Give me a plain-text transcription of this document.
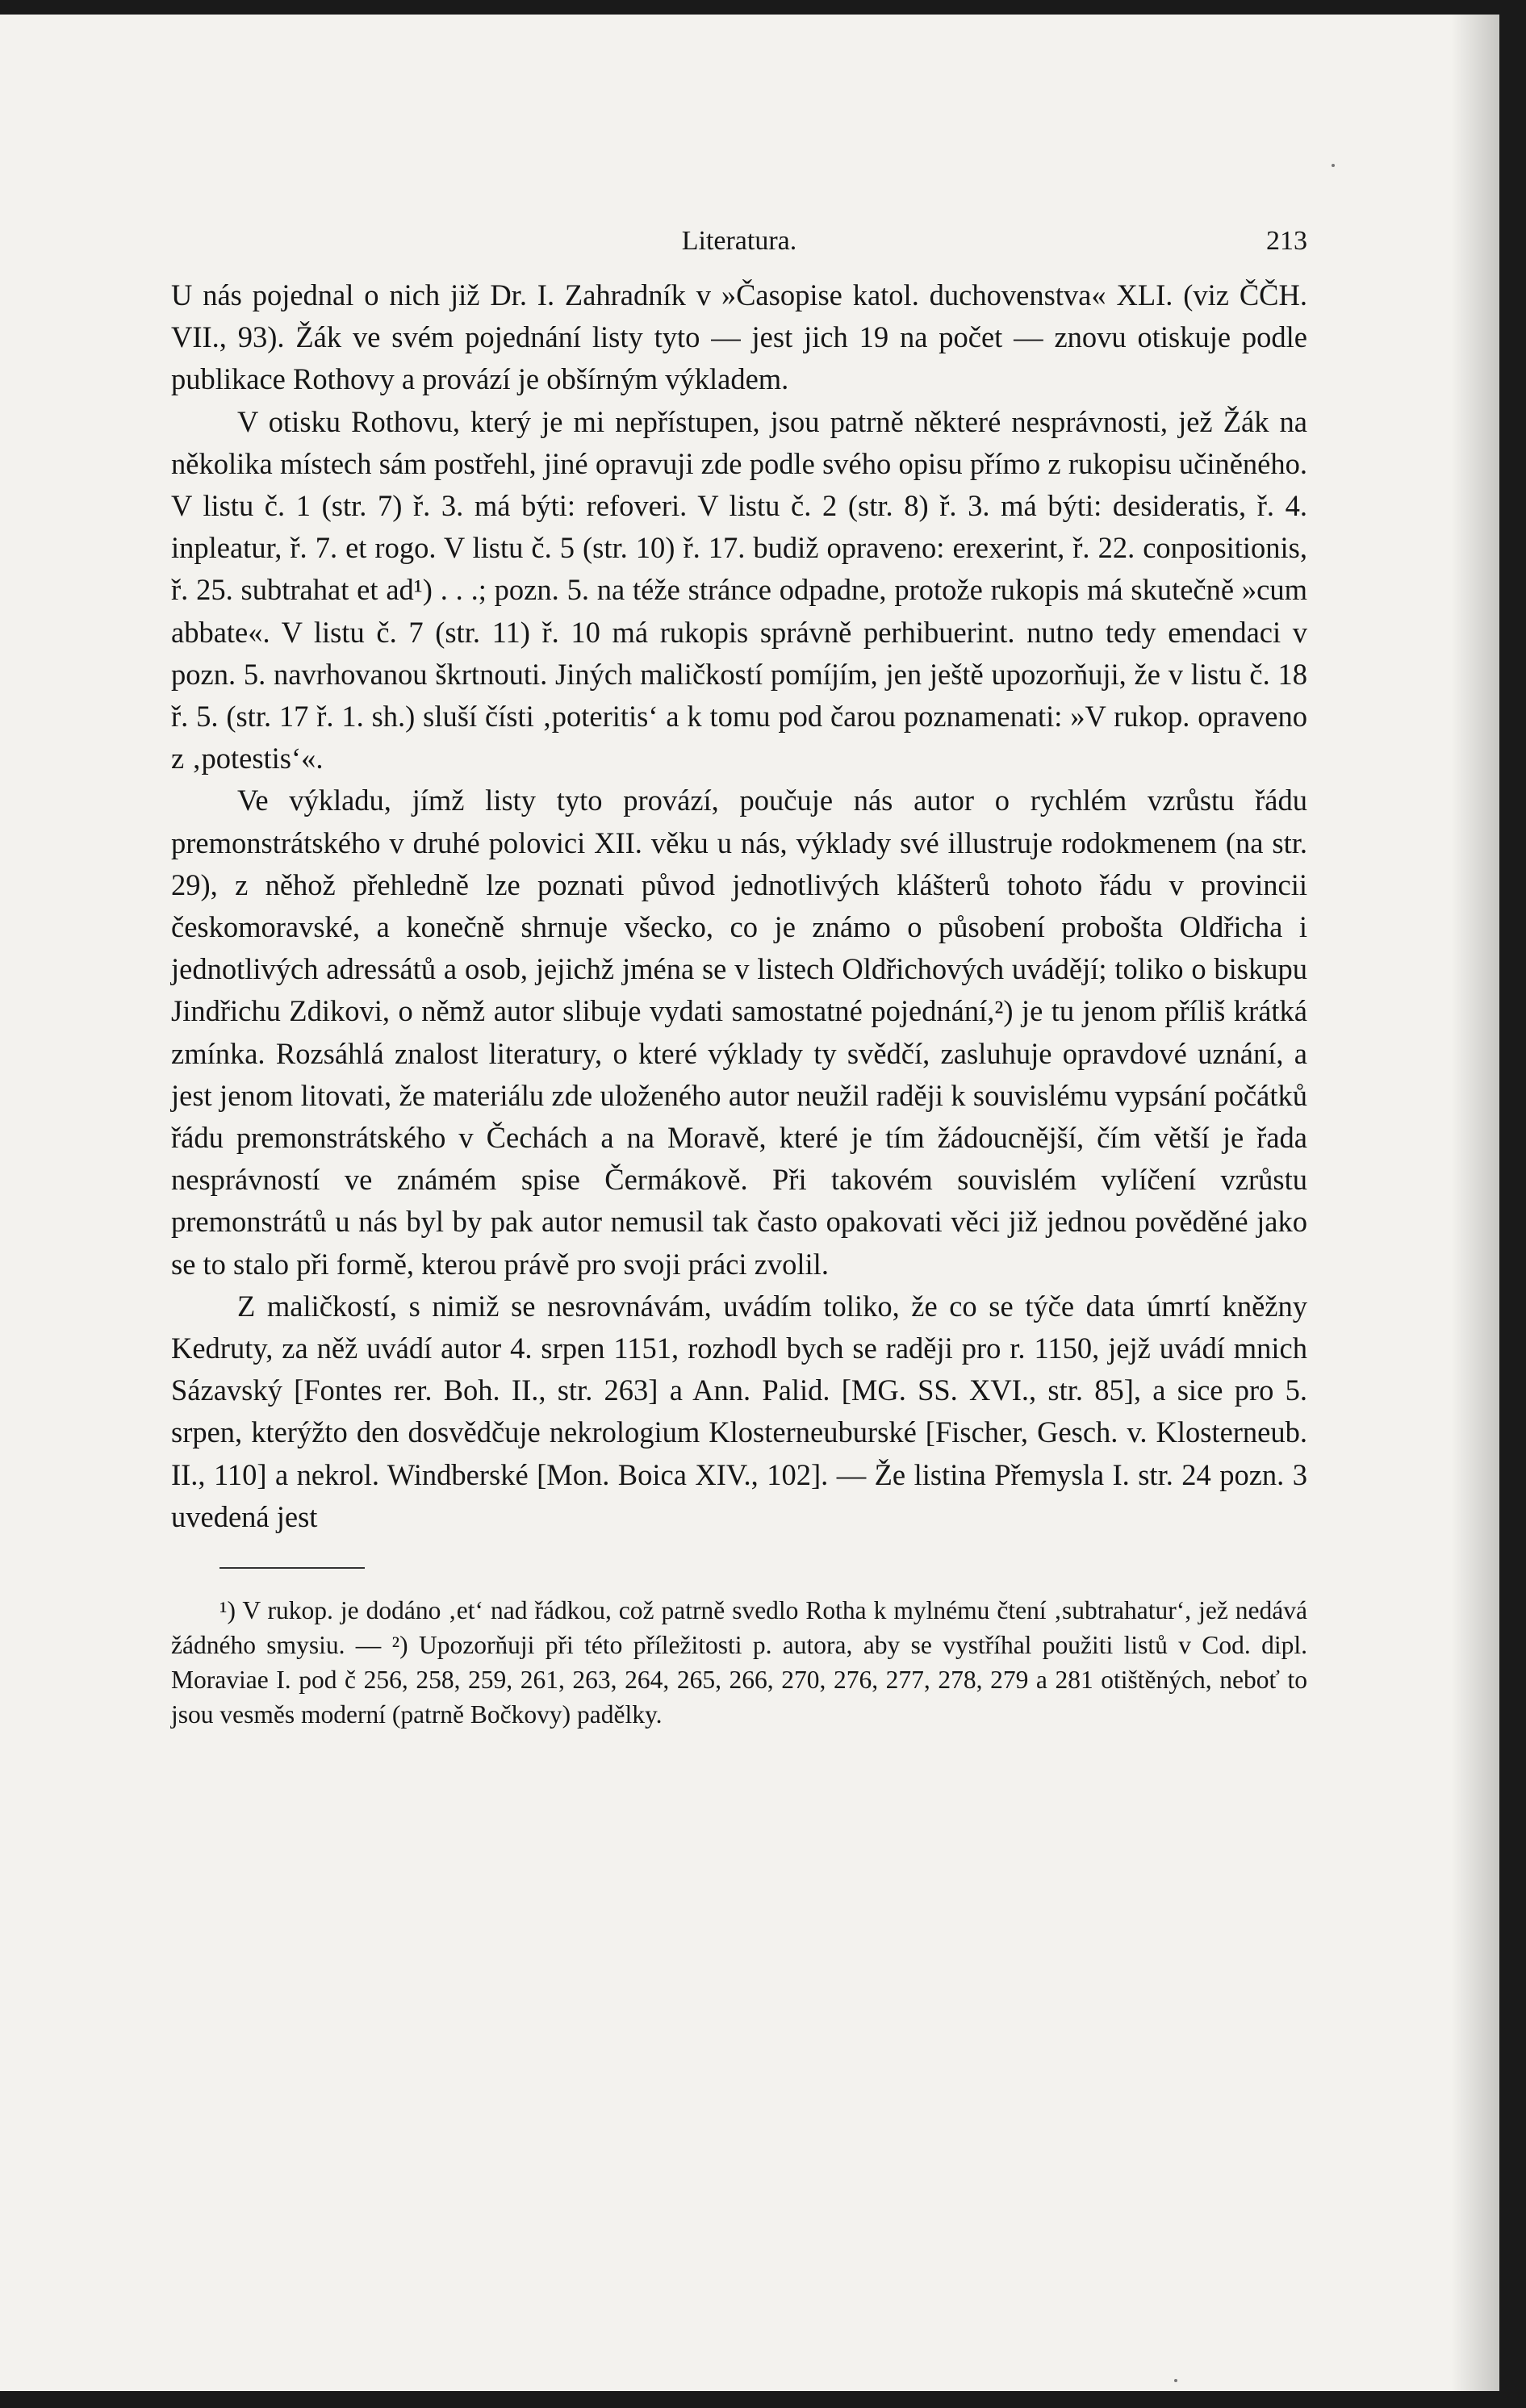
Literatura.	213

U nás pojednal o nich již Dr. I. Zahradník v »Časopise katol. duchovenstva« XLI. (viz ČČH. VII., 93). Žák ve svém pojednání listy tyto — jest jich 19 na počet — znovu otiskuje podle publikace Rothovy a provází je obšírným výkladem.

V otisku Rothovu, který je mi nepřístupen, jsou patrně některé nesprávnosti, jež Žák na několika místech sám postřehl, jiné opravuji zde podle svého opisu přímo z rukopisu učiněného. V listu č. 1 (str. 7) ř. 3. má býti: refoveri. V listu č. 2 (str. 8) ř. 3. má býti: desideratis, ř. 4. inpleatur, ř. 7. et rogo. V listu č. 5 (str. 10) ř. 17. budiž opraveno: erexerint, ř. 22. conpositionis, ř. 25. subtrahat et ad¹) . . .; pozn. 5. na téže stránce odpadne, protože rukopis má skutečně »cum abbate«. V listu č. 7 (str. 11) ř. 10 má rukopis správně perhibuerint. nutno tedy emendaci v pozn. 5. navrhovanou škrtnouti. Jiných maličkostí pomíjím, jen ještě upozorňuji, že v listu č. 18 ř. 5. (str. 17 ř. 1. sh.) sluší čísti ‚poteritis‘ a k tomu pod čarou poznamenati: »V rukop. opraveno z ‚potestis‘«.

Ve výkladu, jímž listy tyto provází, poučuje nás autor o rychlém vzrůstu řádu premonstrátského v druhé polovici XII. věku u nás, výklady své illustruje rodokmenem (na str. 29), z něhož přehledně lze poznati původ jednotlivých klášterů tohoto řádu v provincii českomoravské, a konečně shrnuje všecko, co je známo o působení probošta Oldřicha i jednotlivých adressátů a osob, jejichž jména se v listech Oldřichových uvádějí; toliko o biskupu Jindřichu Zdikovi, o němž autor slibuje vydati samostatné pojednání,²) je tu jenom příliš krátká zmínka. Rozsáhlá znalost literatury, o které výklady ty svědčí, zasluhuje opravdové uznání, a jest jenom litovati, že materiálu zde uloženého autor neužil raději k souvislému vypsání počátků řádu premonstrátského v Čechách a na Moravě, které je tím žádoucnější, čím větší je řada nesprávností ve známém spise Čermákově. Při takovém souvislém vylíčení vzrůstu premonstrátů u nás byl by pak autor nemusil tak často opakovati věci již jednou pověděné jako se to stalo při formě, kterou právě pro svoji práci zvolil.

Z maličkostí, s nimiž se nesrovnávám, uvádím toliko, že co se týče data úmrtí kněžny Kedruty, za něž uvádí autor 4. srpen 1151, rozhodl bych se raději pro r. 1150, jejž uvádí mnich Sázavský [Fontes rer. Boh. II., str. 263] a Ann. Palid. [MG. SS. XVI., str. 85], a sice pro 5. srpen, kterýžto den dosvědčuje nekrologium Klosterneuburské [Fischer, Gesch. v. Klosterneub. II., 110] a nekrol. Windberské [Mon. Boica XIV., 102]. — Že listina Přemysla I. str. 24 pozn. 3 uvedená jest

¹) V rukop. je dodáno ‚et‘ nad řádkou, což patrně svedlo Rotha k mylnému čtení ‚subtrahatur‘, jež nedává žádného smysiu. — ²) Upozorňuji při této příležitosti p. autora, aby se vystříhal použiti listů v Cod. dipl. Moraviae I. pod č 256, 258, 259, 261, 263, 264, 265, 266, 270, 276, 277, 278, 279 a 281 otištěných, neboť to jsou vesměs moderní (patrně Bočkovy) padělky.
